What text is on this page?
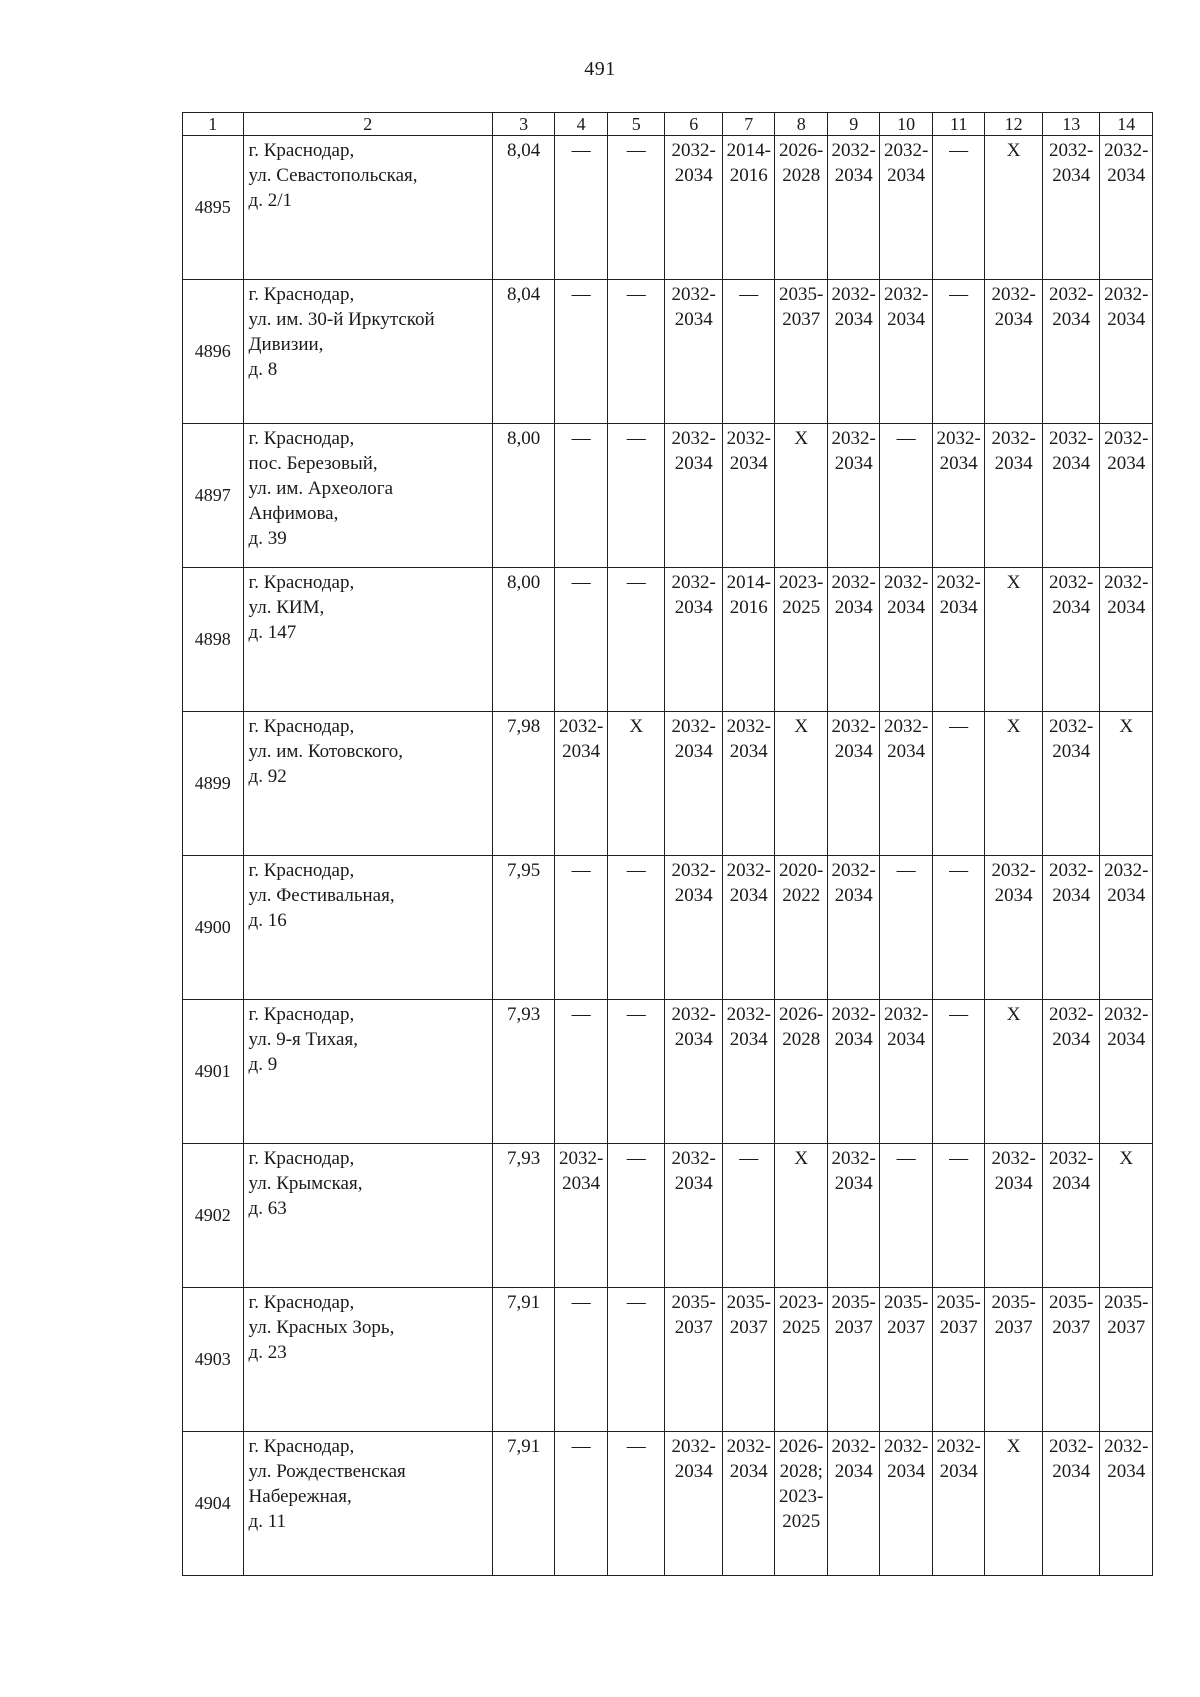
491
1	2	3	4	5	6	7	8	9	10	11	12	13	14
4895	г. Краснодар,
ул. Севастопольская,
д. 2/1	8,04	—	—	2032-
2034	2014-
2016	2026-
2028	2032-
2034	2032-
2034	—	X	2032-
2034	2032-
2034

4896	г. Краснодар,
ул. им. 30-й Иркутской
Дивизии,
д. 8	8,04	—	—	2032-
2034	—	2035-
2037	2032-
2034	2032-
2034	—	2032-
2034	2032-
2034	2032-
2034

4897	г. Краснодар,
пос. Березовый,
ул. им. Археолога
Анфимова,
д. 39	8,00	—	—	2032-
2034	2032-
2034	X	2032-
2034	—	2032-
2034	2032-
2034	2032-
2034	2032-
2034

4898	г. Краснодар,
ул. КИМ,
д. 147	8,00	—	—	2032-
2034	2014-
2016	2023-
2025	2032-
2034	2032-
2034	2032-
2034	X	2032-
2034	2032-
2034

4899	г. Краснодар,
ул. им. Котовского,
д. 92	7,98	2032-
2034	X	2032-
2034	2032-
2034	X	2032-
2034	2032-
2034	—	X	2032-
2034	X

4900	г. Краснодар,
ул. Фестивальная,
д. 16	7,95	—	—	2032-
2034	2032-
2034	2020-
2022	2032-
2034	—	—	2032-
2034	2032-
2034	2032-
2034

4901	г. Краснодар,
ул. 9-я Тихая,
д. 9	7,93	—	—	2032-
2034	2032-
2034	2026-
2028	2032-
2034	2032-
2034	—	X	2032-
2034	2032-
2034

4902	г. Краснодар,
ул. Крымская,
д. 63	7,93	2032-
2034	—	2032-
2034	—	X	2032-
2034	—	—	2032-
2034	2032-
2034	X

4903	г. Краснодар,
ул. Красных Зорь,
д. 23	7,91	—	—	2035-
2037	2035-
2037	2023-
2025	2035-
2037	2035-
2037	2035-
2037	2035-
2037	2035-
2037	2035-
2037

4904	г. Краснодар,
ул. Рождественская
Набережная,
д. 11	7,91	—	—	2032-
2034	2032-
2034	2026-
2028;
2023-
2025	2032-
2034	2032-
2034	2032-
2034	X	2032-
2034	2032-
2034
